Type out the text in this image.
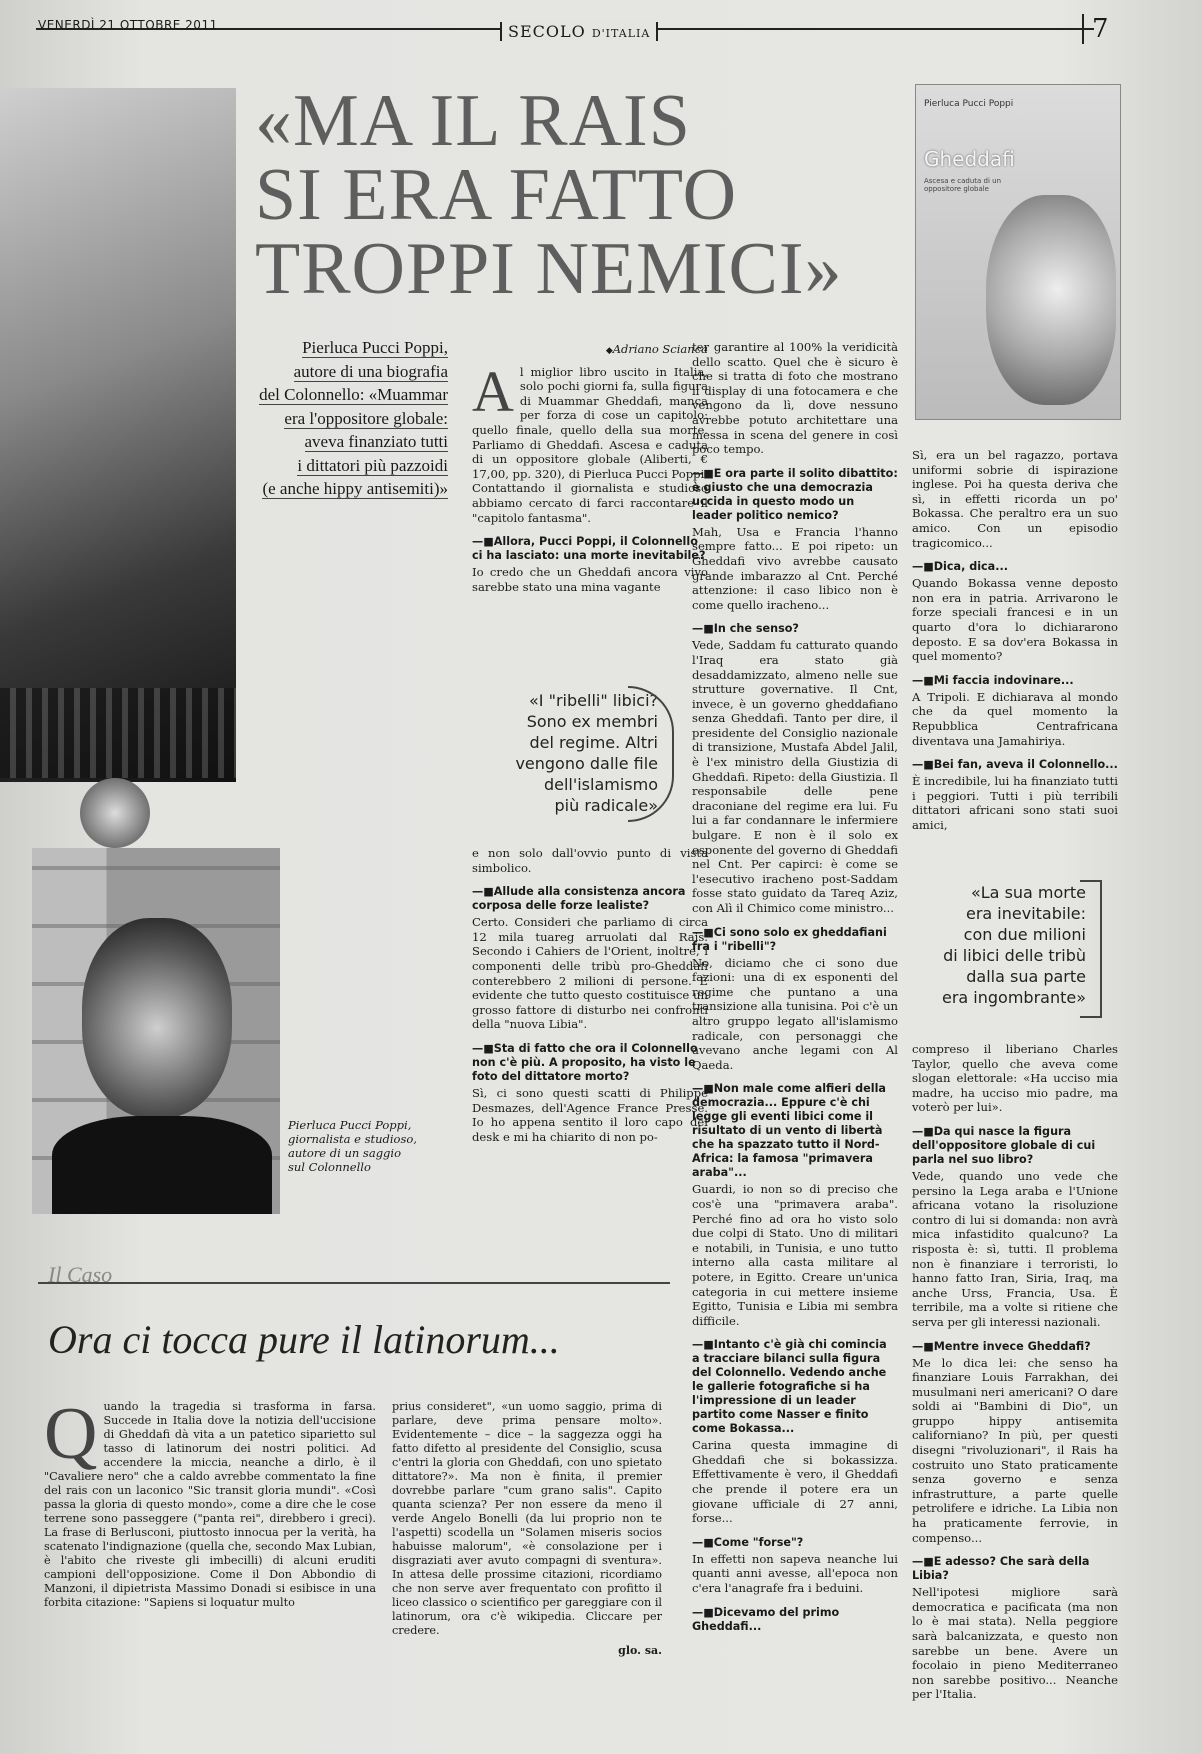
VENERDÌ 21 OTTOBRE 2011	SECOLO D'ITALIA	7
«MA IL RAIS
SI ERA FATTO
TROPPI NEMICI»
Pierluca Pucci Poppi
Gheddafi
Ascesa e caduta di un oppositore globale
Pierluca Pucci Poppi,
autore di una biografia
del Colonnello: «Muammar
era l'oppositore globale:
aveva finanziato tutti
i dittatori più pazzoidi
(e anche hippy antisemiti)»
◆ Adriano Scianca

Al miglior libro uscito in Italia, solo pochi giorni fa, sulla figura di Muammar Gheddafi, manca per forza di cose un capitolo: quello finale, quello della sua morte. Parliamo di Gheddafi. Ascesa e caduta di un oppositore globale (Aliberti, € 17,00, pp. 320), di Pierluca Pucci Poppi. Contattando il giornalista e studioso abbiamo cercato di farci raccontare il "capitolo fantasma".

—■ Allora, Pucci Poppi, il Colonnello ci ha lasciato: una morte inevitabile?

Io credo che un Gheddafi ancora vivo sarebbe stato una mina vagante

«I "ribelli" libici?
Sono ex membri
del regime. Altri
vengono dalle file
dell'islamismo
più radicale»

e non solo dall'ovvio punto di vista simbolico.

—■ Allude alla consistenza ancora corposa delle forze lealiste?

Certo. Consideri che parliamo di circa 12 mila tuareg arruolati dal Rais. Secondo i Cahiers de l'Orient, inoltre, i componenti delle tribù pro-Gheddafi conterebbero 2 milioni di persone. È evidente che tutto questo costituisce un grosso fattore di disturbo nei confronti della "nuova Libia".

—■ Sta di fatto che ora il Colonnello non c'è più. A proposito, ha visto le foto del dittatore morto?

Sì, ci sono questi scatti di Philippe Desmazes, dell'Agence France Presse. Io ho appena sentito il loro capo del desk e mi ha chiarito di non po-

Pierluca Pucci Poppi,
giornalista e studioso,
autore di un saggio
sul Colonnello

ter garantire al 100% la veridicità dello scatto. Quel che è sicuro è che si tratta di foto che mostrano il display di una fotocamera e che vengono da lì, dove nessuno avrebbe potuto architettare una messa in scena del genere in così poco tempo.

—■ E ora parte il solito dibattito: è giusto che una democrazia uccida in questo modo un leader politico nemico?

Mah, Usa e Francia l'hanno sempre fatto... E poi ripeto: un Gheddafi vivo avrebbe causato grande imbarazzo al Cnt. Perché attenzione: il caso libico non è come quello iracheno...

—■ In che senso?

Vede, Saddam fu catturato quando l'Iraq era stato già desaddamizzato, almeno nelle sue strutture governative. Il Cnt, invece, è un governo gheddafiano senza Gheddafi. Tanto per dire, il presidente del Consiglio nazionale di transizione, Mustafa Abdel Jalil, è l'ex ministro della Giustizia di Gheddafi. Ripeto: della Giustizia. Il responsabile delle pene draconiane del regime era lui. Fu lui a far condannare le infermiere bulgare. E non è il solo ex esponente del governo di Gheddafi nel Cnt. Per capirci: è come se l'esecutivo iracheno post-Saddam fosse stato guidato da Tareq Aziz, con Alì il Chimico come ministro...

—■ Ci sono solo ex gheddafiani fra i "ribelli"?

No, diciamo che ci sono due fazioni: una di ex esponenti del regime che puntano a una transizione alla tunisina. Poi c'è un altro gruppo legato all'islamismo radicale, con personaggi che avevano anche legami con Al Qaeda.

—■ Non male come alfieri della democrazia... Eppure c'è chi legge gli eventi libici come il risultato di un vento di libertà che ha spazzato tutto il Nord-Africa: la famosa "primavera araba"...

Guardi, io non so di preciso che cos'è una "primavera araba". Perché fino ad ora ho visto solo due colpi di Stato. Uno di militari e notabili, in Tunisia, e uno tutto interno alla casta militare al potere, in Egitto. Creare un'unica categoria in cui mettere insieme Egitto, Tunisia e Libia mi sembra difficile.

—■ Intanto c'è già chi comincia a tracciare bilanci sulla figura del Colonnello. Vedendo anche le gallerie fotografiche si ha l'impressione di un leader partito come Nasser e finito come Bokassa...

Carina questa immagine di Gheddafi che si bokassizza. Effettivamente è vero, il Gheddafi che prende il potere era un giovane ufficiale di 27 anni, forse...

—■ Come "forse"?

In effetti non sapeva neanche lui quanti anni avesse, all'epoca non c'era l'anagrafe fra i beduini.

—■ Dicevamo del primo Gheddafi...

Sì, era un bel ragazzo, portava uniformi sobrie di ispirazione inglese. Poi ha questa deriva che sì, in effetti ricorda un po' Bokassa. Che peraltro era un suo amico. Con un episodio tragicomico...

—■ Dica, dica...

Quando Bokassa venne deposto non era in patria. Arrivarono le forze speciali francesi e in un quarto d'ora lo dichiararono deposto. E sa dov'era Bokassa in quel momento?

—■ Mi faccia indovinare...

A Tripoli. E dichiarava al mondo che da quel momento la Repubblica Centrafricana diventava una Jamahiriya.

—■ Bei fan, aveva il Colonnello...

È incredibile, lui ha finanziato tutti i peggiori. Tutti i più terribili dittatori africani sono stati suoi amici,

«La sua morte
era inevitabile:
con due milioni
di libici delle tribù
dalla sua parte
era ingombrante»

compreso il liberiano Charles Taylor, quello che aveva come slogan elettorale: «Ha ucciso mia madre, ha ucciso mio padre, ma voterò per lui».

—■ Da qui nasce la figura dell'oppositore globale di cui parla nel suo libro?

Vede, quando uno vede che persino la Lega araba e l'Unione africana votano la risoluzione contro di lui si domanda: non avrà mica infastidito qualcuno? La risposta è: sì, tutti. Il problema non è finanziare i terroristi, lo hanno fatto Iran, Siria, Iraq, ma anche Urss, Francia, Usa. È terribile, ma a volte si ritiene che serva per gli interessi nazionali.

—■ Mentre invece Gheddafi?

Me lo dica lei: che senso ha finanziare Louis Farrakhan, dei musulmani neri americani? O dare soldi ai "Bambini di Dio", un gruppo hippy antisemita californiano? In più, per questi disegni "rivoluzionari", il Rais ha costruito uno Stato praticamente senza governo e senza infrastrutture, a parte quelle petrolifere e idriche. La Libia non ha praticamente ferrovie, in compenso...

—■ E adesso? Che sarà della Libia?

Nell'ipotesi migliore sarà democratica e pacificata (ma non lo è mai stata). Nella peggiore sarà balcanizzata, e questo non sarebbe un bene. Avere un focolaio in pieno Mediterraneo non sarebbe positivo... Neanche per l'Italia.

Il Caso
Ora ci tocca pure il latinorum...

Quando la tragedia si trasforma in farsa. Succede in Italia dove la notizia dell'uccisione di Gheddafi dà vita a un patetico siparietto sul tasso di latinorum dei nostri politici. Ad accendere la miccia, neanche a dirlo, è il "Cavaliere nero" che a caldo avrebbe commentato la fine del rais con un laconico "Sic transit gloria mundi". «Così passa la gloria di questo mondo», come a dire che le cose terrene sono passeggere ("panta rei", direbbero i greci). La frase di Berlusconi, piuttosto innocua per la verità, ha scatenato l'indignazione (quella che, secondo Max Lubian, è l'abito che riveste gli imbecilli) di alcuni eruditi campioni dell'opposizione. Come il Don Abbondio di Manzoni, il dipietrista Massimo Donadi si esibisce in una forbita citazione: "Sapiens si loquatur multo

prius consideret", «un uomo saggio, prima di parlare, deve prima pensare molto». Evidentemente – dice – la saggezza oggi ha fatto difetto al presidente del Consiglio, scusa c'entri la gloria con Gheddafi, con uno spietato dittatore?». Ma non è finita, il premier dovrebbe parlare "cum grano salis". Capito quanta scienza? Per non essere da meno il verde Angelo Bonelli (da lui proprio non te l'aspetti) scodella un "Solamen miseris socios habuisse malorum", «è consolazione per i disgraziati aver avuto compagni di sventura». In attesa delle prossime citazioni, ricordiamo che non serve aver frequentato con profitto il liceo classico o scientifico per gareggiare con il latinorum, ora c'è wikipedia. Cliccare per credere.

glo. sa.
